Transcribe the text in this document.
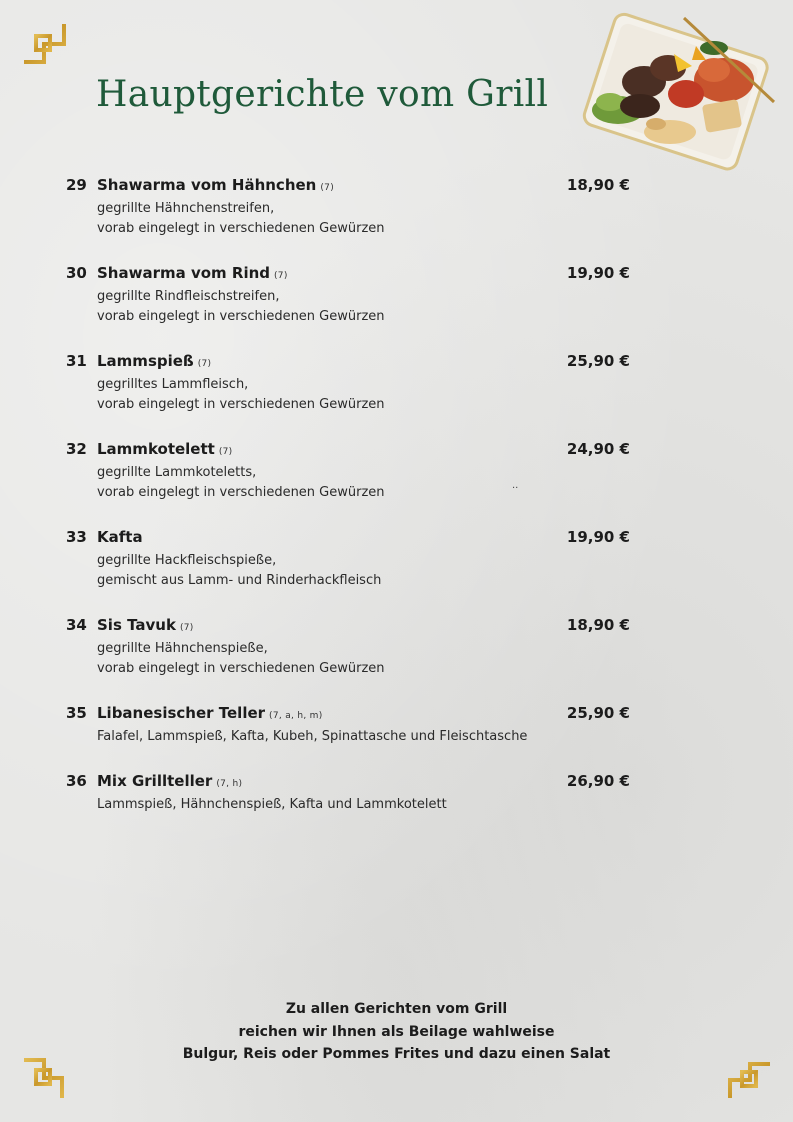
Hauptgerichte vom Grill
29 Shawarma vom Hähnchen (7)	18,90 €
gegrillte Hähnchenstreifen,
vorab eingelegt in verschiedenen Gewürzen
30 Shawarma vom Rind (7)	19,90 €
gegrillte Rindfleischstreifen,
vorab eingelegt in verschiedenen Gewürzen
31 Lammspieß (7)	25,90 €
gegrilltes Lammfleisch,
vorab eingelegt in verschiedenen Gewürzen
32 Lammkotelett (7)	24,90 €
gegrillte Lammkoteletts,
vorab eingelegt in verschiedenen Gewürzen
33 Kafta	19,90 €
gegrillte Hackfleischspieße,
gemischt aus Lamm- und Rinderhackfleisch
34 Sis Tavuk (7)	18,90 €
gegrillte Hähnchenspieße,
vorab eingelegt in verschiedenen Gewürzen
35 Libanesischer Teller (7, a, h, m)	25,90 €
Falafel, Lammspieß, Kafta, Kubeh, Spinattasche und Fleischtasche
36 Mix Grillteller (7, h)	26,90 €
Lammspieß, Hähnchenspieß, Kafta und Lammkotelett
..
Zu allen Gerichten vom Grill
reichen wir Ihnen als Beilage wahlweise
Bulgur, Reis oder Pommes Frites und dazu einen Salat
